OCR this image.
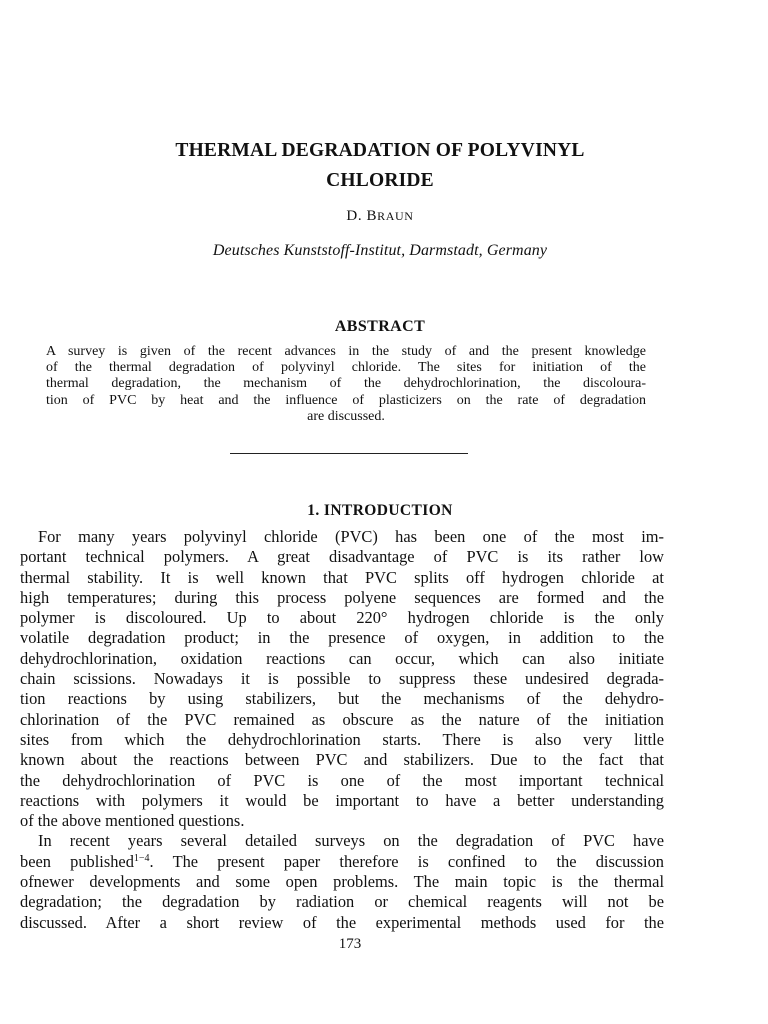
THERMAL DEGRADATION OF POLYVINYL
CHLORIDE
D. BRAUN
Deutsches Kunststoff-Institut, Darmstadt, Germany
ABSTRACT
A survey is given of the recent advances in the study of and the present knowledge
of the thermal degradation of polyvinyl chloride. The sites for initiation of the
thermal degradation, the mechanism of the dehydrochlorination, the discoloura-
tion of PVC by heat and the influence of plasticizers on the rate of degradation
are discussed.
1. INTRODUCTION
For many years polyvinyl chloride (PVC) has been one of the most im-
portant technical polymers. A great disadvantage of PVC is its rather low
thermal stability. It is well known that PVC splits off hydrogen chloride at
high temperatures; during this process polyene sequences are formed and the
polymer is discoloured. Up to about 220° hydrogen chloride is the only
volatile degradation product; in the presence of oxygen, in addition to the
dehydrochlorination, oxidation reactions can occur, which can also initiate
chain scissions. Nowadays it is possible to suppress these undesired degrada-
tion reactions by using stabilizers, but the mechanisms of the dehydro-
chlorination of the PVC remained as obscure as the nature of the initiation
sites from which the dehydrochlorination starts. There is also very little
known about the reactions between PVC and stabilizers. Due to the fact that
the dehydrochlorination of PVC is one of the most important technical
reactions with polymers it would be important to have a better understanding
of the above mentioned questions.
In recent years several detailed surveys on the degradation of PVC have
been published$^{1-4}$. The present paper therefore is confined to the discussion
ofnewer developments and some open problems. The main topic is the thermal
degradation; the degradation by radiation or chemical reagents will not be
discussed. After a short review of the experimental methods used for the
173
